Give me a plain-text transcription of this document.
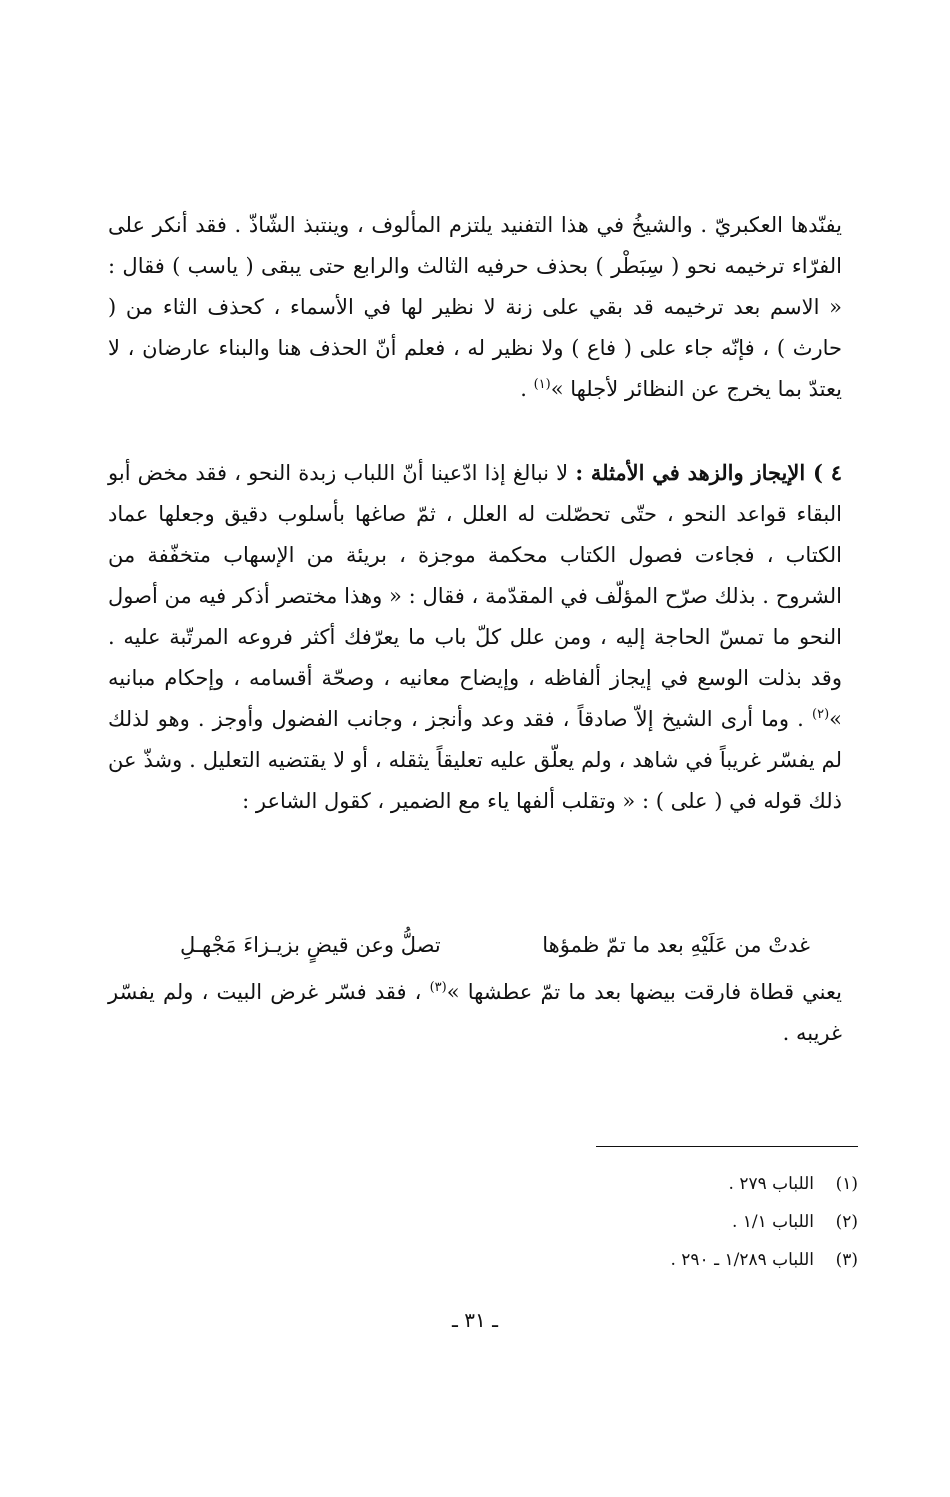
يفنّدها العكبريّ . والشيخُ في هذا التفنيد يلتزم المألوف ، وينتبذ الشّاذّ . فقد أنكر على الفرّاء ترخيمه نحو ( سِبَطْر ) بحذف حرفيه الثالث والرابع حتى يبقى ( ياسب ) فقال : « الاسم بعد ترخيمه قد بقي على زنة لا نظير لها في الأسماء ، كحذف الثاء من ( حارث ) ، فإنّه جاء على ( فاع ) ولا نظير له ، فعلم أنّ الحذف هنا والبناء عارضان ، لا يعتدّ بما يخرج عن النظائر لأجلها »$^{(١)}$ .

٤ ) الإيجاز والزهد في الأمثلة : لا نبالغ إذا ادّعينا أنّ اللباب زبدة النحو ، فقد مخض أبو البقاء قواعد النحو ، حتّى تحصّلت له العلل ، ثمّ صاغها بأسلوب دقيق وجعلها عماد الكتاب ، فجاءت فصول الكتاب محكمة موجزة ، بريئة من الإسهاب متخفّفة من الشروح . بذلك صرّح المؤلّف في المقدّمة ، فقال : « وهذا مختصر أذكر فيه من أصول النحو ما تمسّ الحاجة إليه ، ومن علل كلّ باب ما يعرّفك أكثر فروعه المرتّبة عليه . وقد بذلت الوسع في إيجاز ألفاظه ، وإيضاح معانيه ، وصحّة أقسامه ، وإحكام مبانيه »$^{(٢)}$ . وما أرى الشيخ إلاّ صادقاً ، فقد وعد وأنجز ، وجانب الفضول وأوجز . وهو لذلك لم يفسّر غريباً في شاهد ، ولم يعلّق عليه تعليقاً يثقله ، أو لا يقتضيه التعليل . وشذّ عن ذلك قوله في ( على ) : « وتقلب ألفها ياء مع الضمير ، كقول الشاعر :

غدتْ من عَلَيْهِ بعد ما تمّ ظمؤها
تصلُّ وعن قيضٍ بزيـزاءَ مَجْهـلِ

يعني قطاة فارقت بيضها بعد ما تمّ عطشها »$^{(٣)}$ ، فقد فسّر غرض البيت ، ولم يفسّر غريبه .

(١)
اللباب ٢٧٩ .
(٢)
اللباب ١/١ .
(٣)
اللباب ١/٢٨٩ ـ ٢٩٠ .
ـ ٣١ ـ
